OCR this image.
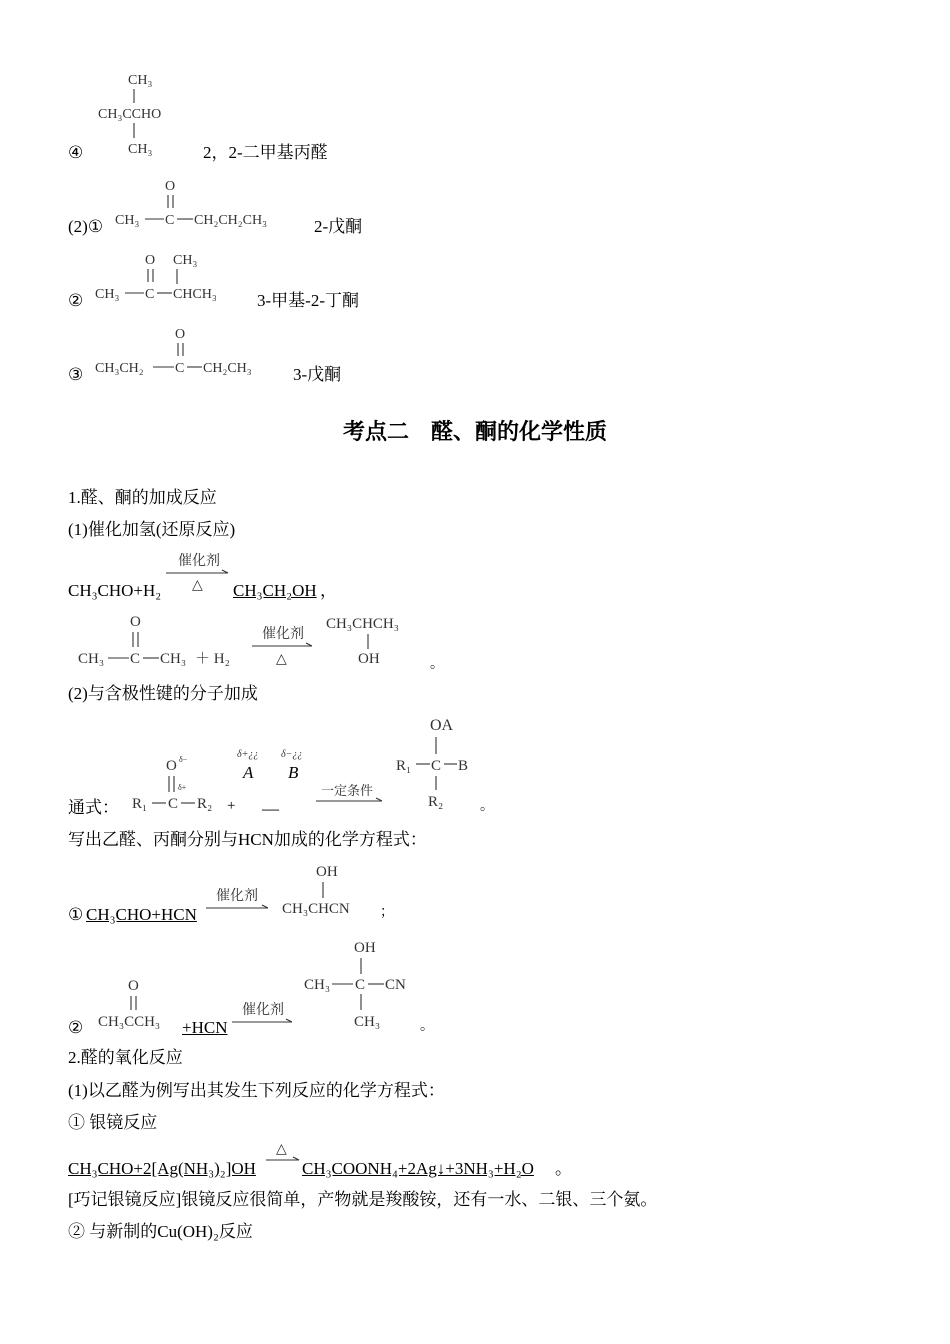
CH₃
CH₃CCHO
CH₃
④	2，2-二甲基丙醛
(2)①
O
CH₃ C CH₂CH₂CH₃	2-戊酮
②
O CH₃
CH₃ C CHCH₃ 3-甲基-2-丁酮
③
O
CH₃CH₂ C CH₂CH₃ 3-戊酮
考点二　醛、酮的化学性质
1.醛、酮的加成反应
(1)催化加氢(还原反应)
CH₃CHO+H₂
催化剂
△ CH₃CH₂OH ，
O
CH₃ C CH₃ ＋ H₂
催化剂
△
CH₃CHCH₃
OH	。
(2)与含极性键的分子加成
通式：
O δ−
δ+
R₁ C R₂ +
δ+¿¿ δ−¿¿
A B
—
一定条件
OA
R₁ C B
R₂	。
写出乙醛、丙酮分别与HCN加成的化学方程式：
① CH₃CHO+HCN
催化剂
OH
CH₃CHCN ；
②
O
CH₃CCH₃ +HCN
催化剂
OH
CH₃ C CN
CH₃	。
2.醛的氧化反应
(1)以乙醛为例写出其发生下列反应的化学方程式：
① 银镜反应
CH₃CHO+2[Ag(NH₃)₂]OH
△
CH₃COONH₄+2Ag↓+3NH₃+H₂O 。
[巧记银镜反应]银镜反应很简单，产物就是羧酸铵，还有一水、二银、三个氨。
② 与新制的Cu(OH)₂反应
